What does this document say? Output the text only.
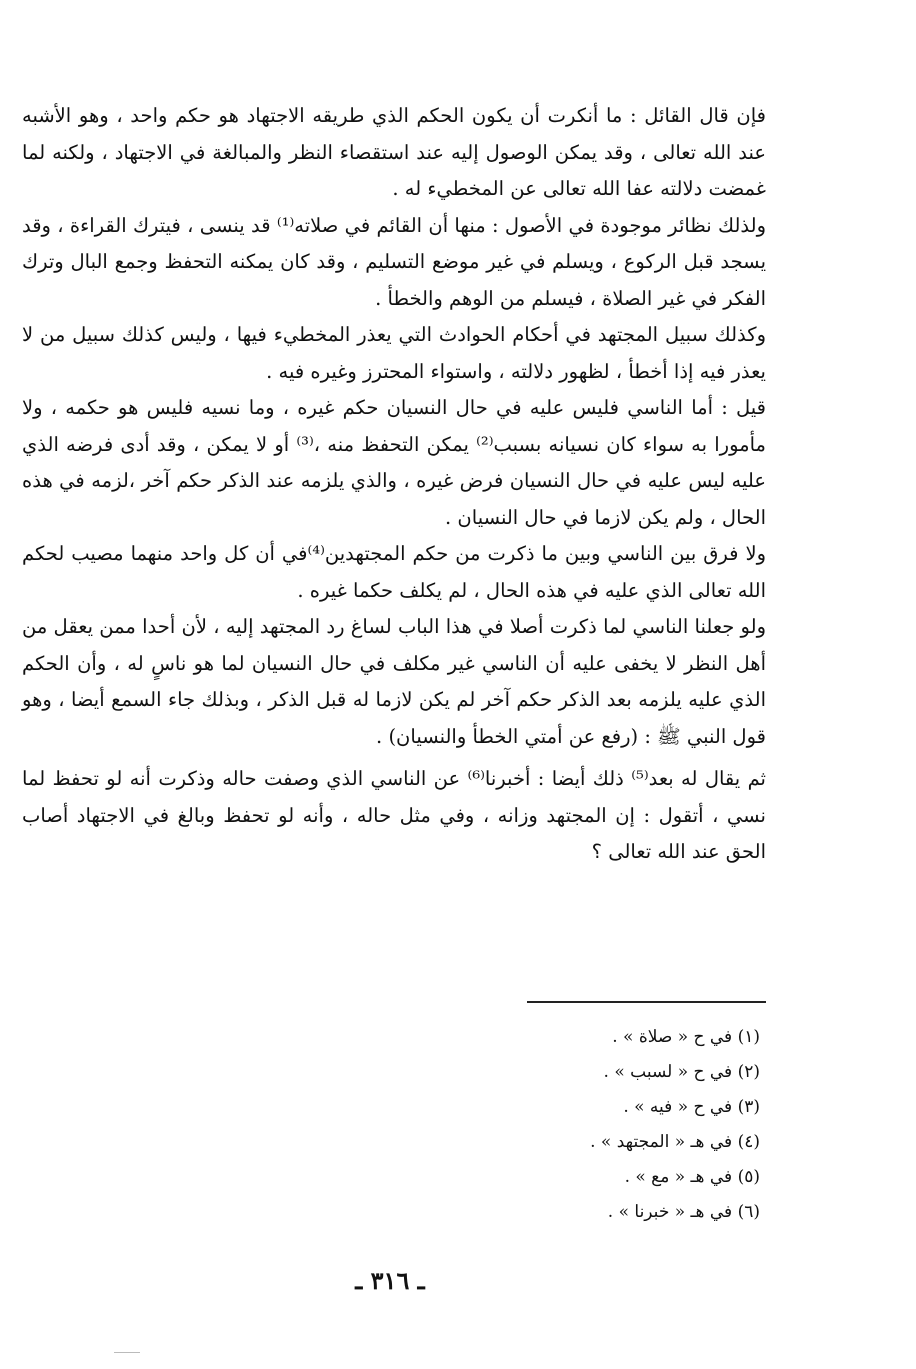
فإن قال القائل : ما أنكرت أن يكون الحكم الذي طريقه الاجتهاد هو حكم واحد ، وهو الأشبه عند الله تعالى ، وقد يمكن الوصول إليه عند استقصاء النظر والمبالغة في الاجتهاد ، ولكنه لما غمضت دلالته عفا الله تعالى عن المخطيء له .

ولذلك نظائر موجودة في الأصول : منها أن القائم في صلاته⁽¹⁾ قد ينسى ، فيترك القراءة ، وقد يسجد قبل الركوع ، ويسلم في غير موضع التسليم ، وقد كان يمكنه التحفظ وجمع البال وترك الفكر في غير الصلاة ، فيسلم من الوهم والخطأ .

وكذلك سبيل المجتهد في أحكام الحوادث التي يعذر المخطيء فيها ، وليس كذلك سبيل من لا يعذر فيه إذا أخطأ ، لظهور دلالته ، واستواء المحترز وغيره فيه .

قيل : أما الناسي فليس عليه في حال النسيان حكم غيره ، وما نسيه فليس هو حكمه ، ولا مأمورا به سواء كان نسيانه بسبب⁽²⁾ يمكن التحفظ منه ،⁽³⁾ أو لا يمكن ، وقد أدى فرضه الذي عليه ليس عليه في حال النسيان فرض غيره ، والذي يلزمه عند الذكر حكم آخر ،لزمه في هذه الحال ، ولم يكن لازما في حال النسيان .

ولا فرق بين الناسي وبين ما ذكرت من حكم المجتهدين⁽⁴⁾في أن كل واحد منهما مصيب لحكم الله تعالى الذي عليه في هذه الحال ، لم يكلف حكما غيره .

ولو جعلنا الناسي لما ذكرت أصلا في هذا الباب لساغ رد المجتهد إليه ، لأن أحدا ممن يعقل من أهل النظر لا يخفى عليه أن الناسي غير مكلف في حال النسيان لما هو ناسٍ له ، وأن الحكم الذي عليه يلزمه بعد الذكر حكم آخر لم يكن لازما له قبل الذكر ، وبذلك جاء السمع أيضا ، وهو قول النبي ﷺ : (رفع عن أمتي الخطأ والنسيان) .

ثم يقال له بعد⁽⁵⁾ ذلك أيضا : أخبرنا⁽⁶⁾ عن الناسي الذي وصفت حاله وذكرت أنه لو تحفظ لما نسي ، أتقول : إن المجتهد وزانه ، وفي مثل حاله ، وأنه لو تحفظ وبالغ في الاجتهاد أصاب الحق عند الله تعالى ؟

(١) في ح « صلاة » .

(٢) في ح « لسبب » .

(٣) في ح « فيه » .

(٤) في هـ « المجتهد » .

(٥) في هـ « مع » .

(٦) في هـ « خبرنا » .

ـ ٣١٦ ـ
